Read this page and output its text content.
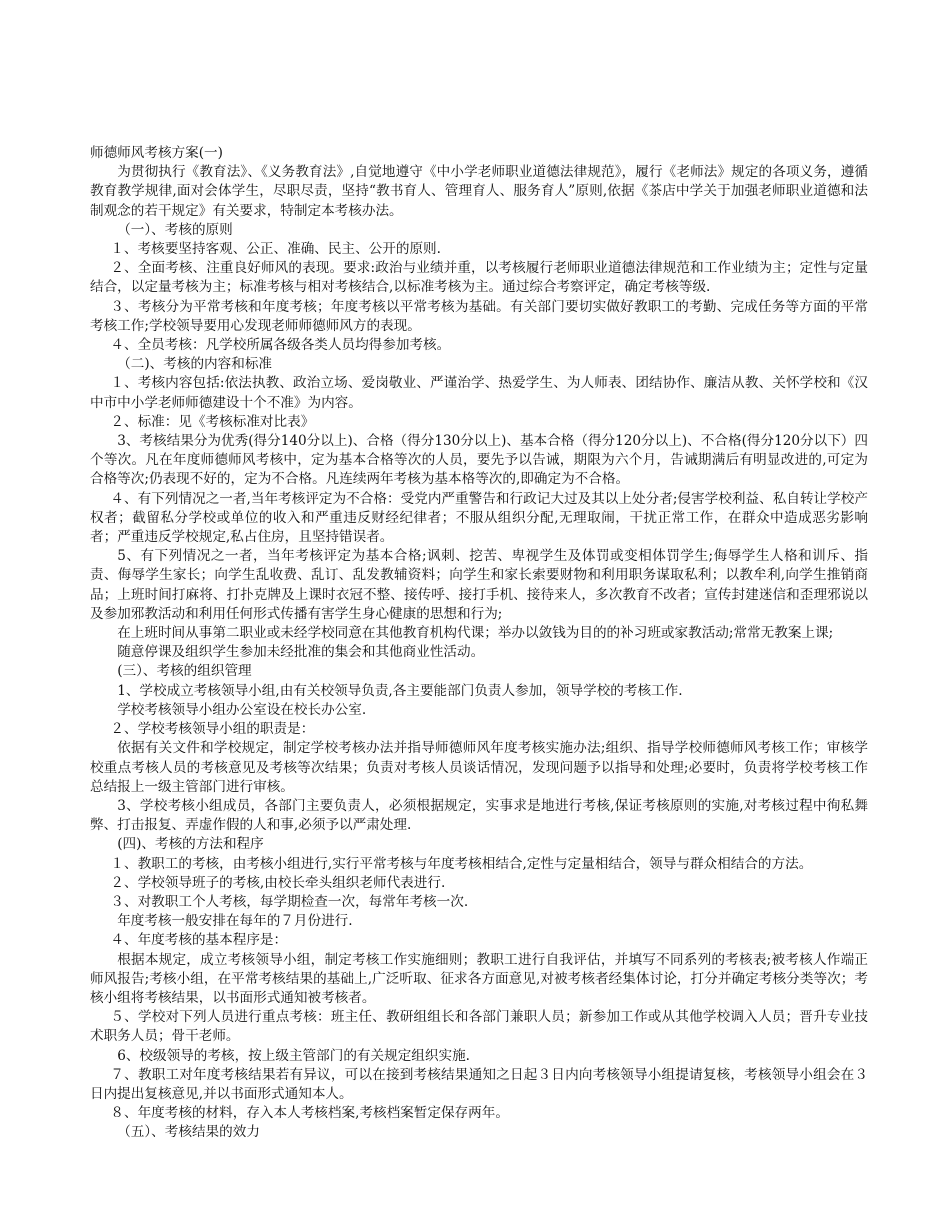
师德师风考核方案(一)

为贯彻执行《教育法》、《义务教育法》,自觉地遵守《中小学老师职业道德法律规范》，履行《老师法》规定的各项义务，遵循教育教学规律,面对会体学生，尽职尽责，坚持“教书育人、管理育人、服务育人”原则,依据《茶店中学关于加强老师职业道德和法制观念的若干规定》有关要求，特制定本考核办法。

（一）、考核的原则

１、考核要坚持客观、公正、准确、民主、公开的原则.

２、全面考核、注重良好师风的表现。要求:政治与业绩并重，以考核履行老师职业道德法律规范和工作业绩为主；定性与定量结合，以定量考核为主；标准考核与相对考核结合,以标准考核为主。通过综合考察评定，确定考核等级.

３、考核分为平常考核和年度考核；年度考核以平常考核为基础。有关部门要切实做好教职工的考勤、完成任务等方面的平常考核工作;学校领导要用心发现老师师德师风方的表现。

４、全员考核：凡学校所属各级各类人员均得参加考核。

（二)、考核的内容和标准

１、考核内容包括:依法执教、政治立场、爱岗敬业、严谨治学、热爱学生、为人师表、团结协作、廉洁从教、关怀学校和《汉中市中小学老师师德建设十个不准》为内容。

２、标准：见《考核标准对比表》

3、考核结果分为优秀(得分140分以上)、合格（得分130分以上)、基本合格（得分120分以上)、不合格(得分120分以下）四个等次。凡在年度师德师风考核中，定为基本合格等次的人员，要先予以告诫，期限为六个月，告诫期满后有明显改进的,可定为合格等次;仍表现不好的，定为不合格。凡连续两年考核为基本格等次的,即确定为不合格。

４、有下列情况之一者,当年考核评定为不合格：受党内严重警告和行政记大过及其以上处分者;侵害学校利益、私自转让学校产权者；截留私分学校或单位的收入和严重违反财经纪律者；不服从组织分配,无理取闹，干扰正常工作，在群众中造成恶劣影响者；严重违反学校规定,私占住房，且坚持错误者。

5、有下列情况之一者，当年考核评定为基本合格;讽刺、挖苦、卑视学生及体罚或变相体罚学生;侮辱学生人格和训斥、指责、侮辱学生家长；向学生乱收费、乱订、乱发教辅资料；向学生和家长索要财物和利用职务谋取私利；以教牟利,向学生推销商品；上班时间打麻将、打扑克牌及上课时衣冠不整、接传呼、接打手机、接待来人，多次教育不改者；宣传封建迷信和歪理邪说以及参加邪教活动和利用任何形式传播有害学生身心健康的思想和行为;

在上班时间从事第二职业或未经学校同意在其他教育机构代课；举办以敛钱为目的的补习班或家教活动;常常无教案上课;

随意停课及组织学生参加未经批准的集会和其他商业性活动。

(三）、考核的组织管理

1、学校成立考核领导小组,由有关校领导负责,各主要能部门负责人参加，领导学校的考核工作.

学校考核领导小组办公室设在校长办公室.

２、学校考核领导小组的职责是：

依据有关文件和学校规定，制定学校考核办法并指导师德师风年度考核实施办法;组织、指导学校师德师风考核工作；审核学校重点考核人员的考核意见及考核等次结果；负责对考核人员谈话情况，发现问题予以指导和处理;必要时，负责将学校考核工作总结报上一级主管部门进行审核。

3、学校考核小组成员，各部门主要负责人，必须根据规定，实事求是地进行考核,保证考核原则的实施,对考核过程中徇私舞弊、打击报复、弄虚作假的人和事,必须予以严肃处理.

(四)、考核的方法和程序

１、教职工的考核，由考核小组进行,实行平常考核与年度考核相结合,定性与定量相结合，领导与群众相结合的方法。

２、学校领导班子的考核,由校长牵头组织老师代表进行.

３、对教职工个人考核，每学期检查一次，每常年考核一次.

年度考核一般安排在每年的７月份进行.

４、年度考核的基本程序是：

根据本规定，成立考核领导小组，制定考核工作实施细则；教职工进行自我评估，并填写不同系列的考核表;被考核人作端正师风报告;考核小组，在平常考核结果的基础上,广泛听取、征求各方面意见,对被考核者经集体讨论，打分并确定考核分类等次；考核小组将考核结果，以书面形式通知被考核者。

５、学校对下列人员进行重点考核：班主任、教研组组长和各部门兼职人员；新参加工作或从其他学校调入人员；晋升专业技术职务人员；骨干老师。

6、校级领导的考核，按上级主管部门的有关规定组织实施.

７、教职工对年度考核结果若有异议，可以在接到考核结果通知之日起３日内向考核领导小组提请复核，考核领导小组会在３日内提出复核意见,并以书面形式通知本人。

８、年度考核的材料，存入本人考核档案,考核档案暂定保存两年。

（五）、考核结果的效力
